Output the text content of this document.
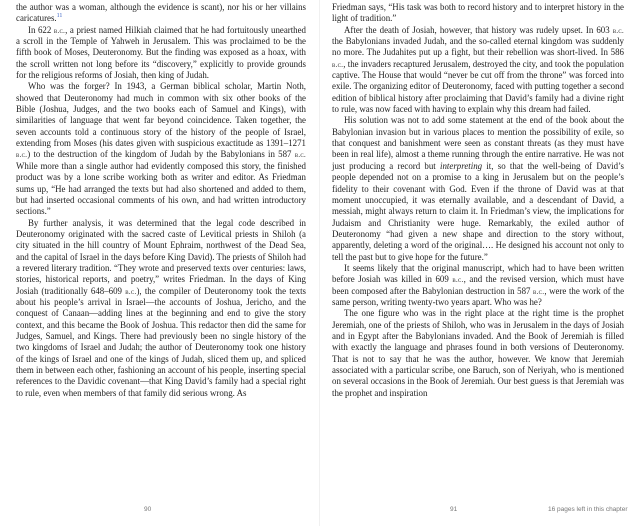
the author was a woman, although the evidence is scant), nor his or her villains caricatures.$^{11}$

In 622 b.c., a priest named Hilkiah claimed that he had fortuitously unearthed a scroll in the Temple of Yahweh in Jerusalem. This was proclaimed to be the fifth book of Moses, Deuteronomy. But the finding was exposed as a hoax, with the scroll written not long before its “discovery,” explicitly to provide grounds for the religious reforms of Josiah, then king of Judah.

Who was the forger? In 1943, a German biblical scholar, Martin Noth, showed that Deuteronomy had much in common with six other books of the Bible (Joshua, Judges, and the two books each of Samuel and Kings), with similarities of language that went far beyond coincidence. Taken together, the seven accounts told a continuous story of the history of the people of Israel, extending from Moses (his dates given with suspicious exactitude as 1391–1271 b.c.) to the destruction of the kingdom of Judah by the Babylonians in 587 b.c. While more than a single author had evidently composed this story, the finished product was by a lone scribe working both as writer and editor. As Friedman sums up, “He had arranged the texts but had also shortened and added to them, but had inserted occasional comments of his own, and had written introductory sections.”

By further analysis, it was determined that the legal code described in Deuteronomy originated with the sacred caste of Levitical priests in Shiloh (a city situated in the hill country of Mount Ephraim, northwest of the Dead Sea, and the capital of Israel in the days before King David). The priests of Shiloh had a revered literary tradition. “They wrote and preserved texts over centuries: laws, stories, historical reports, and poetry,” writes Friedman. In the days of King Josiah (traditionally 648–609 b.c.), the compiler of Deuteronomy took the texts about his people’s arrival in Israel—the accounts of Joshua, Jericho, and the conquest of Canaan—adding lines at the beginning and end to give the story context, and this became the Book of Joshua. This redactor then did the same for Judges, Samuel, and Kings. There had previously been no single history of the two kingdoms of Israel and Judah; the author of Deuteronomy took one history of the kings of Israel and one of the kings of Judah, sliced them up, and spliced them in between each other, fashioning an account of his people, inserting special references to the Davidic covenant—that King David’s family had a special right to rule, even when members of that family did serious wrong. As

Friedman says, “His task was both to record history and to interpret history in the light of tradition.”

After the death of Josiah, however, that history was rudely upset. In 603 b.c. the Babylonians invaded Judah, and the so-called eternal kingdom was suddenly no more. The Judahites put up a fight, but their rebellion was short-lived. In 586 b.c., the invaders recaptured Jerusalem, destroyed the city, and took the population captive. The House that would “never be cut off from the throne” was forced into exile. The organizing editor of Deuteronomy, faced with putting together a second edition of biblical history after proclaiming that David’s family had a divine right to rule, was now faced with having to explain why this dream had failed.

His solution was not to add some statement at the end of the book about the Babylonian invasion but in various places to mention the possibility of exile, so that conquest and banishment were seen as constant threats (as they must have been in real life), almost a theme running through the entire narrative. He was not just producing a record but interpreting it, so that the well-being of David’s people depended not on a promise to a king in Jerusalem but on the people’s fidelity to their covenant with God. Even if the throne of David was at that moment unoccupied, it was eternally available, and a descendant of David, a messiah, might always return to claim it. In Friedman’s view, the implications for Judaism and Christianity were huge. Remarkably, the exiled author of Deuteronomy “had given a new shape and direction to the story without, apparently, deleting a word of the original…. He designed his account not only to tell the past but to give hope for the future.”

It seems likely that the original manuscript, which had to have been written before Josiah was killed in 609 b.c., and the revised version, which must have been composed after the Babylonian destruction in 587 b.c., were the work of the same person, writing twenty-two years apart. Who was he?

The one figure who was in the right place at the right time is the prophet Jeremiah, one of the priests of Shiloh, who was in Jerusalem in the days of Josiah and in Egypt after the Babylonians invaded. And the Book of Jeremiah is filled with exactly the language and phrases found in both versions of Deuteronomy. That is not to say that he was the author, however. We know that Jeremiah associated with a particular scribe, one Baruch, son of Neriyah, who is mentioned on several occasions in the Book of Jeremiah. Our best guess is that Jeremiah was the prophet and inspiration

90	91	16 pages left in this chapter
